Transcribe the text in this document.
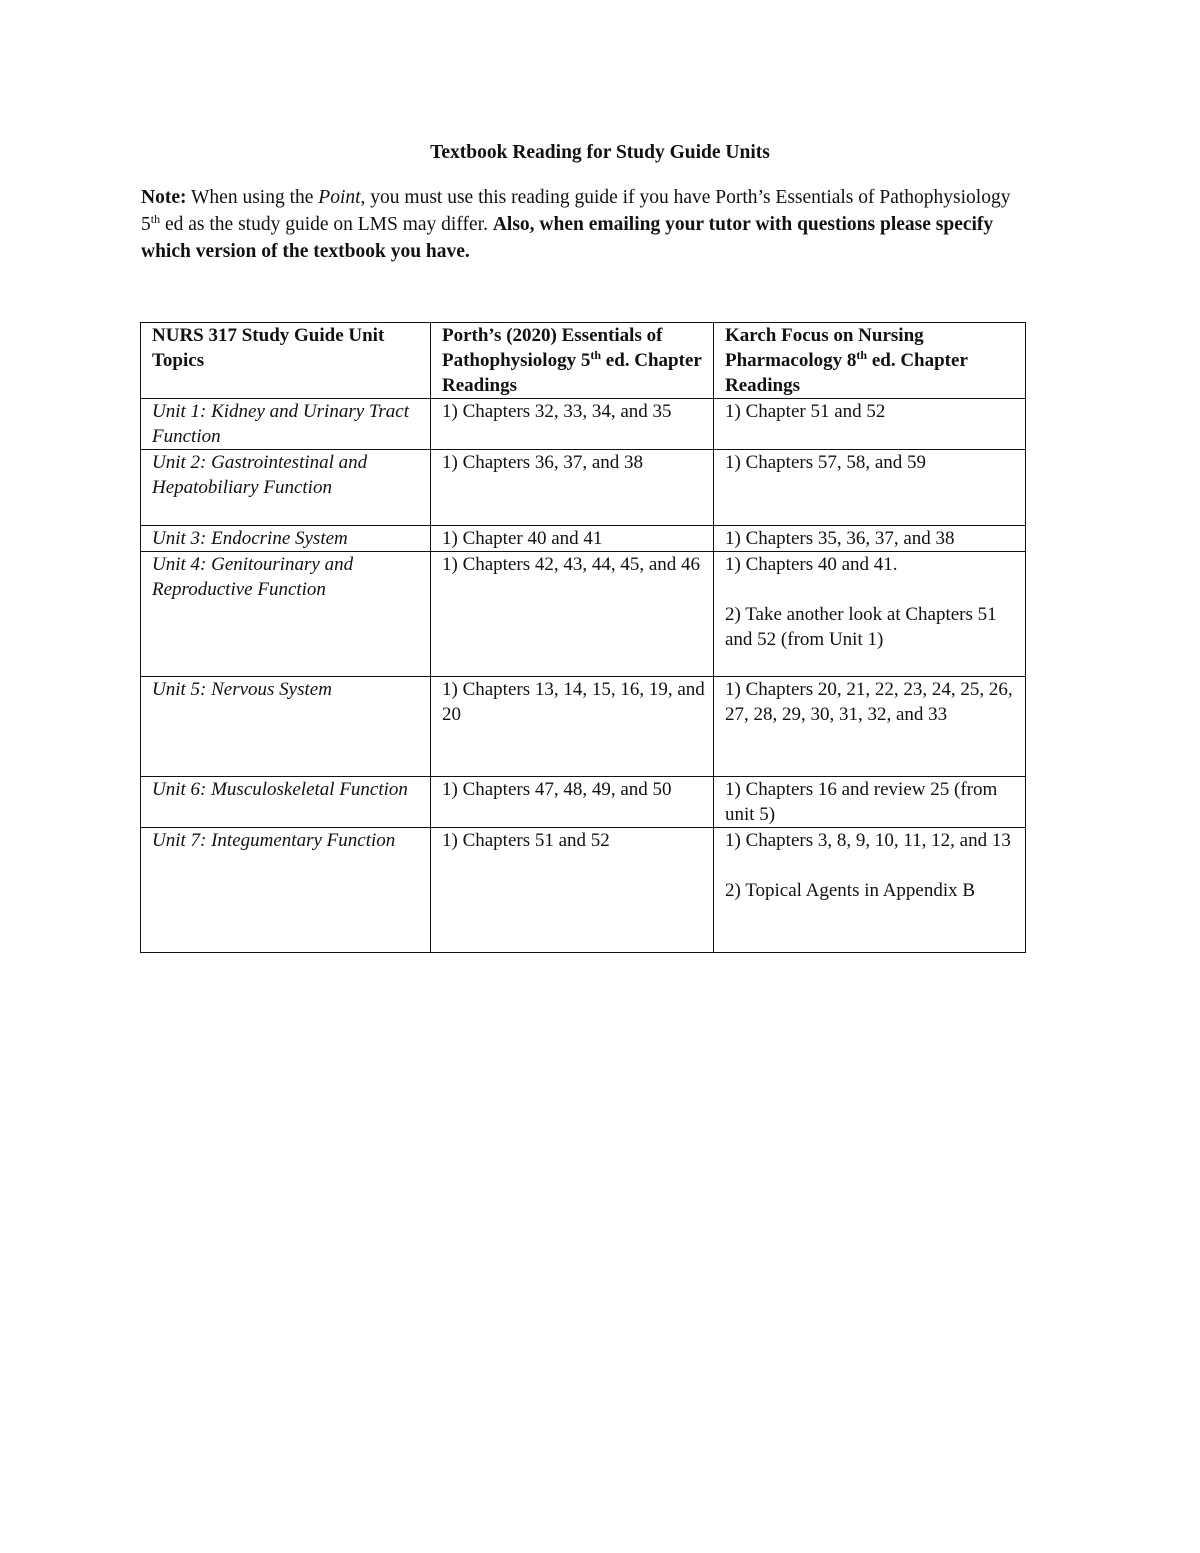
Textbook Reading for Study Guide Units
Note: When using the Point, you must use this reading guide if you have Porth’s Essentials of Pathophysiology 5th ed as the study guide on LMS may differ. Also, when emailing your tutor with questions please specify which version of the textbook you have.
NURS 317 Study Guide Unit Topics	Porth’s (2020) Essentials of Pathophysiology 5th ed. Chapter Readings	Karch Focus on Nursing Pharmacology 8th ed. Chapter Readings
Unit 1: Kidney and Urinary Tract Function	1) Chapters 32, 33, 34, and 35	1) Chapter 51 and 52

Unit 2: Gastrointestinal and Hepatobiliary Function	1) Chapters 36, 37, and 38	1) Chapters 57, 58, and 59

Unit 3: Endocrine System	1) Chapter 40 and 41	1) Chapters 35, 36, 37, and 38

Unit 4: Genitourinary and Reproductive Function	1) Chapters 42, 43, 44, 45, and 46	1) Chapters 40 and 41.
2) Take another look at Chapters 51 and 52 (from Unit 1)

Unit 5: Nervous System	1) Chapters 13, 14, 15, 16, 19, and 20	1) Chapters 20, 21, 22, 23, 24, 25, 26, 27, 28, 29, 30, 31, 32, and 33

Unit 6: Musculoskeletal Function	1) Chapters 47, 48, 49, and 50	1) Chapters 16 and review 25 (from unit 5)

Unit 7: Integumentary Function	1) Chapters 51 and 52	1) Chapters 3, 8, 9, 10, 11, 12, and 13
2) Topical Agents in Appendix B
